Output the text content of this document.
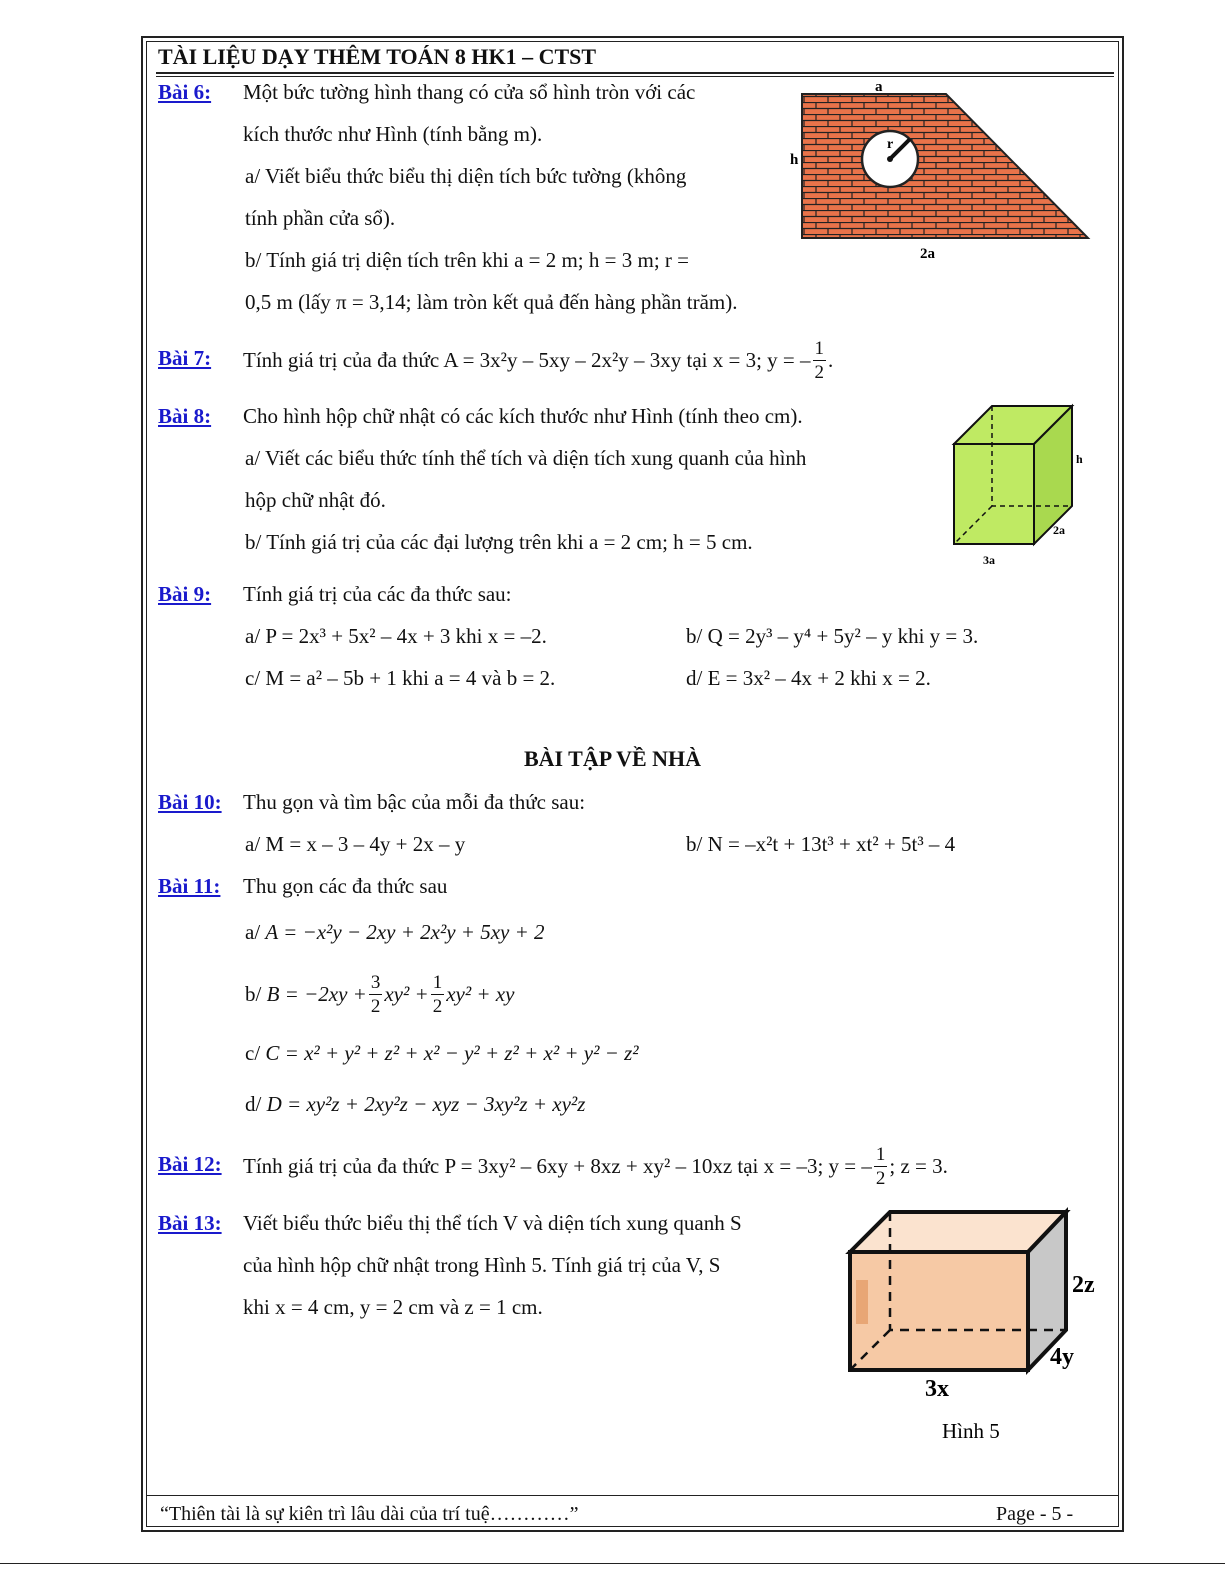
TÀI LIỆU DẠY THÊM TOÁN 8 HK1 – CTST
Bài 6: Một bức tường hình thang có cửa sổ hình tròn với các
kích thước như Hình (tính bằng m).
a/ Viết biểu thức biểu thị diện tích bức tường (không
tính phần cửa sổ).
b/ Tính giá trị diện tích trên khi a = 2 m; h = 3 m; r =
0,5 m (lấy π = 3,14; làm tròn kết quả đến hàng phần trăm).
a
h
r
2a
Bài 7: Tính giá trị của đa thức A = 3x²y – 5xy – 2x²y – 3xy tại x = 3; y = – $\frac{1}{2}$ .
Bài 8: Cho hình hộp chữ nhật có các kích thước như Hình (tính theo cm).
a/ Viết các biểu thức tính thể tích và diện tích xung quanh của hình
hộp chữ nhật đó.
b/ Tính giá trị của các đại lượng trên khi a = 2 cm; h = 5 cm.
h
2a
3a
Bài 9: Tính giá trị của các đa thức sau:
a/ P = 2x³ + 5x² – 4x + 3 khi x = –2.	b/ Q = 2y³ – y⁴ + 5y² – y khi y = 3.
c/ M = a² – 5b + 1 khi a = 4 và b = 2.	d/ E = 3x² – 4x + 2 khi x = 2.
BÀI TẬP VỀ NHÀ
Bài 10: Thu gọn và tìm bậc của mỗi đa thức sau:
a/ M = x – 3 – 4y + 2x – y	b/ N = –x²t + 13t³ + xt² + 5t³ – 4
Bài 11: Thu gọn các đa thức sau
a/ A = −x²y − 2xy + 2x²y + 5xy + 2
b/
$B = -2xy + \frac{3}{2} xy^2 + \frac{1}{2} xy^2$ + xy
c/ C = x² + y² + z² + x² − y² + z² + x² + y² − z²
d/ D = xy²z + 2xy²z − xyz − 3xy²z + xy²z
Bài 12: Tính giá trị của đa thức P = 3xy² – 6xy + 8xz + xy² – 10xz tại x = –3; y = – $\frac{1}{2}$ ; z = 3.
Bài 13: Viết biểu thức biểu thị thể tích V và diện tích xung quanh S
của hình hộp chữ nhật trong Hình 5. Tính giá trị của V, S
khi x = 4 cm, y = 2 cm và z = 1 cm.
2z
4y
3x
Hình 5
“Thiên tài là sự kiên trì lâu dài của trí tuệ…………”	Page - 5 -
